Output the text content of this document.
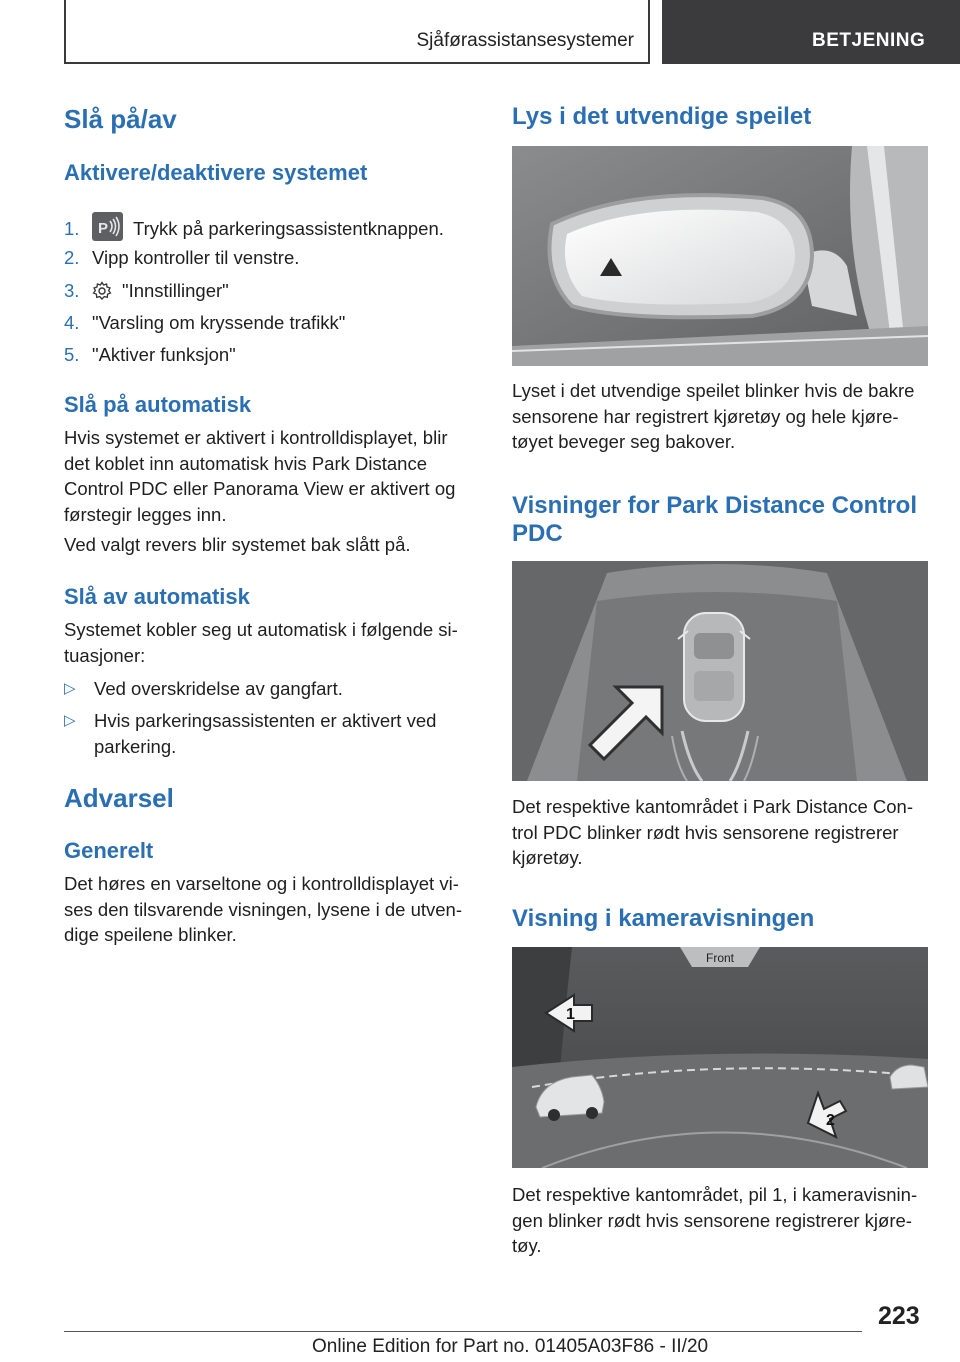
Sjåførassistansesystemer	BETJENING
Slå på/av
Aktivere/deaktivere systemet
1. P Trykk på parkeringsassistentknappen.
2. Vipp kontroller til venstre.
3. "Innstillinger"
4. "Varsling om kryssende trafikk"
5. "Aktiver funksjon"
Slå på automatisk
Hvis systemet er aktivert i kontrolldisplayet, blir det koblet inn automatisk hvis Park Distance Control PDC eller Panorama View er aktivert og førstegir legges inn.
Ved valgt revers blir systemet bak slått på.
Slå av automatisk
Systemet kobler seg ut automatisk i følgende si- tuasjoner:
▷ Ved overskridelse av gangfart.
▷ Hvis parkeringsassistenten er aktivert ved parkering.
Advarsel
Generelt
Det høres en varseltone og i kontrolldisplayet vi- ses den tilsvarende visningen, lysene i de utven- dige speilene blinker.
Lys i det utvendige speilet
Lyset i det utvendige speilet blinker hvis de bakre sensorene har registrert kjøretøy og hele kjøre- tøyet beveger seg bakover.
Visninger for Park Distance Control PDC
Det respektive kantområdet i Park Distance Con- trol PDC blinker rødt hvis sensorene registrerer kjøretøy.
Visning i kameravisningen
Front
1
2
Det respektive kantområdet, pil 1, i kameravisnin- gen blinker rødt hvis sensorene registrerer kjøre- tøy.
223
Online Edition for Part no. 01405A03F86 - II/20
